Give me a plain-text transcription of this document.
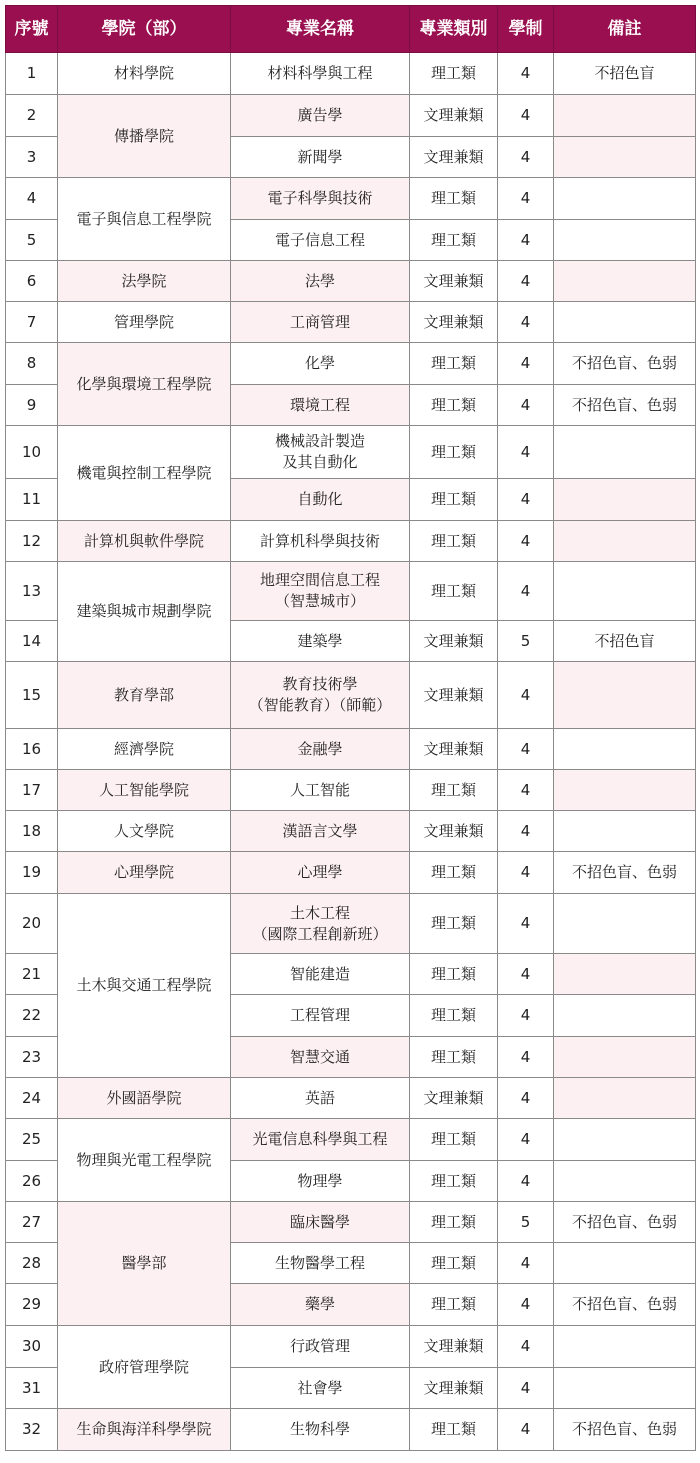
序號	學院（部）	專業名稱	專業類別	學制	備註
1	材料學院	材料科學與工程	理工類	4	不招色盲
2	傳播學院	廣告學	文理兼類	4	
3		新聞學	文理兼類	4	
4	電子與信息工程學院	電子科學與技術	理工類	4	
5		電子信息工程	理工類	4	
6	法學院	法學	文理兼類	4	
7	管理學院	工商管理	文理兼類	4	
8	化學與環境工程學院	化學	理工類	4	不招色盲、色弱
9		環境工程	理工類	4	不招色盲、色弱
10	機電與控制工程學院	機械設計製造
及其自動化	理工類	4	
11		自動化	理工類	4	
12	計算机與軟件學院	計算机科學與技術	理工類	4	
13	建築與城市規劃學院	地理空間信息工程
（智慧城市）	理工類	4	
14		建築學	文理兼類	5	不招色盲
15	教育學部	教育技術學
（智能教育）（師範）	文理兼類	4	
16	經濟學院	金融學	文理兼類	4	
17	人工智能學院	人工智能	理工類	4	
18	人文學院	漢語言文學	文理兼類	4	
19	心理學院	心理學	理工類	4	不招色盲、色弱
20	土木與交通工程學院	土木工程
（國際工程創新班）	理工類	4	
21		智能建造	理工類	4	
22		工程管理	理工類	4	
23		智慧交通	理工類	4	
24	外國語學院	英語	文理兼類	4	
25	物理與光電工程學院	光電信息科學與工程	理工類	4	
26		物理學	理工類	4	
27	醫學部	臨床醫學	理工類	5	不招色盲、色弱
28		生物醫學工程	理工類	4	
29		藥學	理工類	4	不招色盲、色弱
30	政府管理學院	行政管理	文理兼類	4	
31		社會學	文理兼類	4	
32	生命與海洋科學學院	生物科學	理工類	4	不招色盲、色弱
